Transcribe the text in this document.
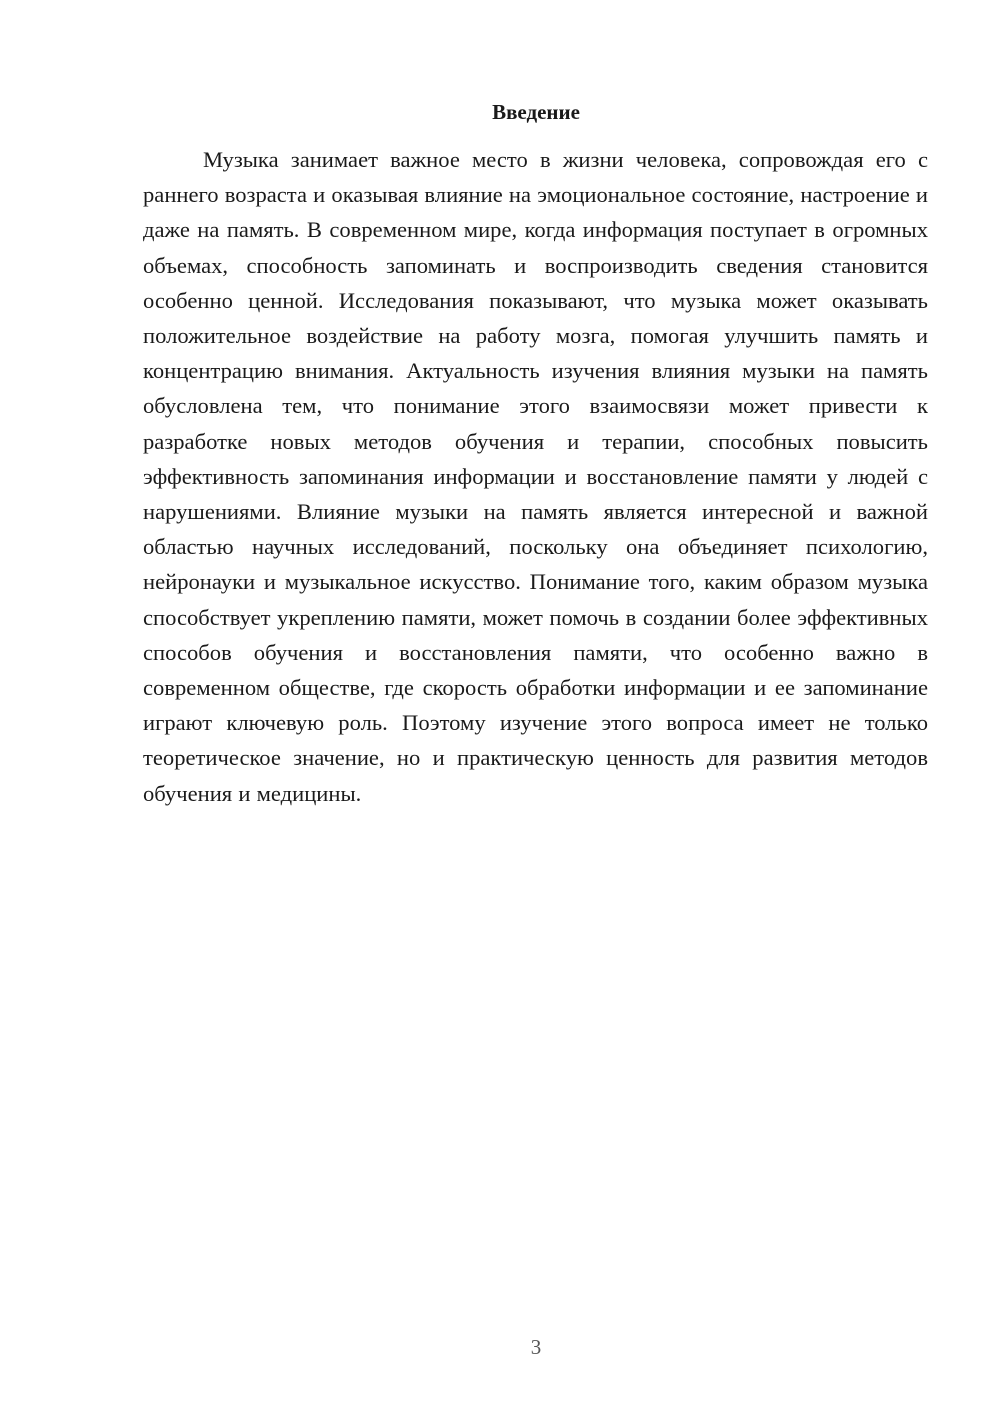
Введение

Музыка занимает важное место в жизни человека, сопровождая его с раннего возраста и оказывая влияние на эмоциональное состояние, настроение и даже на память. В современном мире, когда информация поступает в огромных объемах, способность запоминать и воспроизводить сведения становится особенно ценной. Исследования показывают, что музыка может оказывать положительное воздействие на работу мозга, помогая улучшить память и концентрацию внимания. Актуальность изучения влияния музыки на память обусловлена тем, что понимание этого взаимосвязи может привести к разработке новых методов обучения и терапии, способных повысить эффективность запоминания информации и восстановление памяти у людей с нарушениями. Влияние музыки на память является интересной и важной областью научных исследований, поскольку она объединяет психологию, нейронауки и музыкальное искусство. Понимание того, каким образом музыка способствует укреплению памяти, может помочь в создании более эффективных способов обучения и восстановления памяти, что особенно важно в современном обществе, где скорость обработки информации и ее запоминание играют ключевую роль. Поэтому изучение этого вопроса имеет не только теоретическое значение, но и практическую ценность для развития методов обучения и медицины.

3
